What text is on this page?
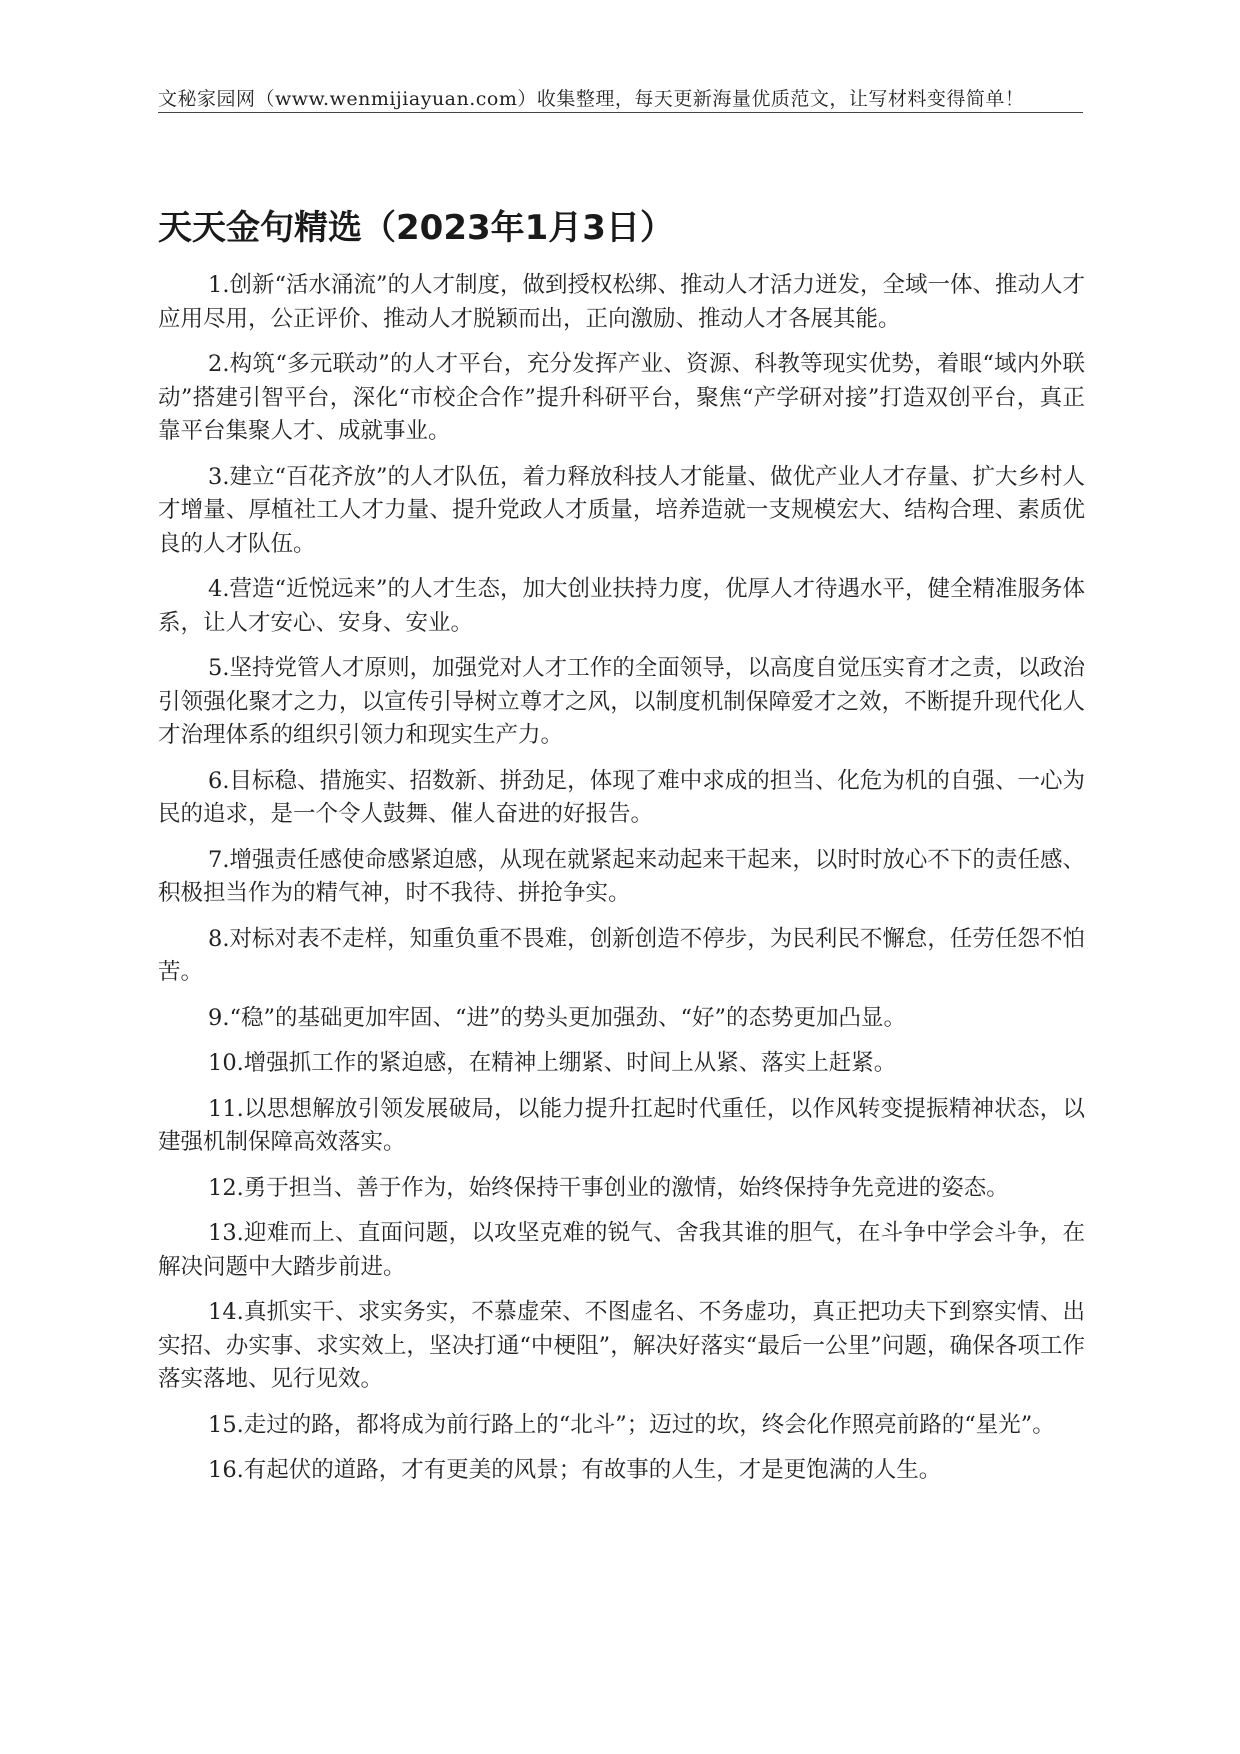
文秘家园网（www.wenmijiayuan.com）收集整理，每天更新海量优质范文，让写材料变得简单！
天天金句精选（2023年1月3日）

1.创新“活水涌流”的人才制度，做到授权松绑、推动人才活力迸发，全域一体、推动人才应用尽用，公正评价、推动人才脱颖而出，正向激励、推动人才各展其能。

2.构筑“多元联动”的人才平台，充分发挥产业、资源、科教等现实优势，着眼“域内外联动”搭建引智平台，深化“市校企合作”提升科研平台，聚焦“产学研对接”打造双创平台，真正靠平台集聚人才、成就事业。

3.建立“百花齐放”的人才队伍，着力释放科技人才能量、做优产业人才存量、扩大乡村人才增量、厚植社工人才力量、提升党政人才质量，培养造就一支规模宏大、结构合理、素质优良的人才队伍。

4.营造“近悦远来”的人才生态，加大创业扶持力度，优厚人才待遇水平，健全精准服务体系，让人才安心、安身、安业。

5.坚持党管人才原则，加强党对人才工作的全面领导，以高度自觉压实育才之责，以政治引领强化聚才之力，以宣传引导树立尊才之风，以制度机制保障爱才之效，不断提升现代化人才治理体系的组织引领力和现实生产力。

6.目标稳、措施实、招数新、拼劲足，体现了难中求成的担当、化危为机的自强、一心为民的追求，是一个令人鼓舞、催人奋进的好报告。

7.增强责任感使命感紧迫感，从现在就紧起来动起来干起来，以时时放心不下的责任感、积极担当作为的精气神，时不我待、拼抢争实。

8.对标对表不走样，知重负重不畏难，创新创造不停步，为民利民不懈怠，任劳任怨不怕苦。

9.“稳”的基础更加牢固、“进”的势头更加强劲、“好”的态势更加凸显。

10.增强抓工作的紧迫感，在精神上绷紧、时间上从紧、落实上赶紧。

11.以思想解放引领发展破局，以能力提升扛起时代重任，以作风转变提振精神状态，以建强机制保障高效落实。

12.勇于担当、善于作为，始终保持干事创业的激情，始终保持争先竞进的姿态。

13.迎难而上、直面问题，以攻坚克难的锐气、舍我其谁的胆气，在斗争中学会斗争，在解决问题中大踏步前进。

14.真抓实干、求实务实，不慕虚荣、不图虚名、不务虚功，真正把功夫下到察实情、出实招、办实事、求实效上，坚决打通“中梗阻”，解决好落实“最后一公里”问题，确保各项工作落实落地、见行见效。

15.走过的路，都将成为前行路上的“北斗”；迈过的坎，终会化作照亮前路的“星光”。

16.有起伏的道路，才有更美的风景；有故事的人生，才是更饱满的人生。
